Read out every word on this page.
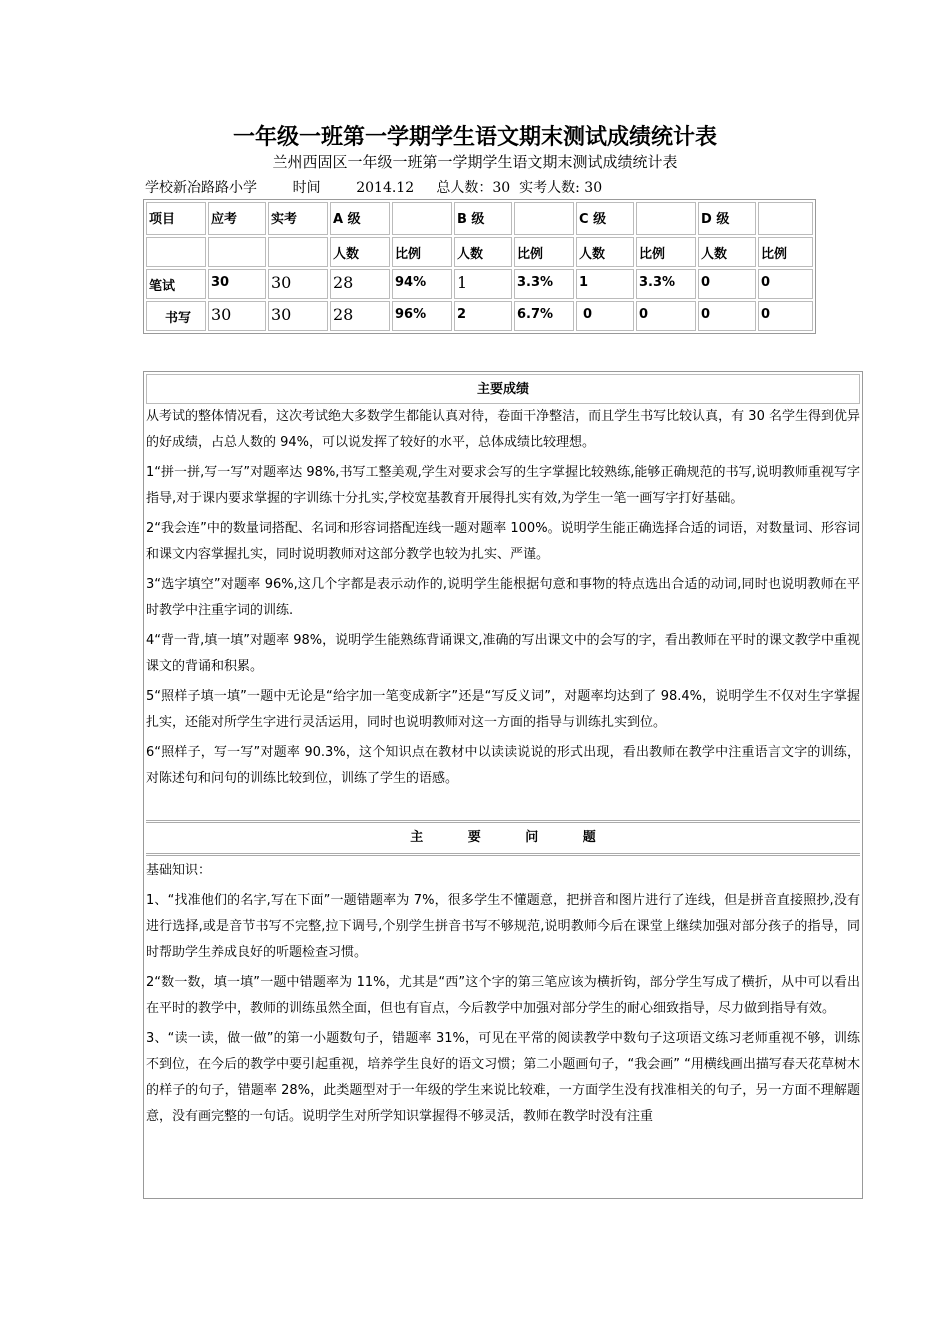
一年级一班第一学期学生语文期末测试成绩统计表
兰州西固区一年级一班第一学期学生语文期末测试成绩统计表
学校新冶路路小学	时间	2014.12 总人数：30 实考人数: 30
项目	应考	实考	A 级		B 级		C 级		D 级	
			人数	比例	人数	比例	人数	比例	人数	比例
笔试	30	30	28	94%	1	3.3%	1	3.3%	0	0
书写	30	30	28	96%	2	6.7%	0	0	0	0
主要成绩

从考试的整体情况看，这次考试绝大多数学生都能认真对待，卷面干净整洁，而且学生书写比较认真，有 30 名学生得到优异的好成绩，占总人数的 94%，可以说发挥了较好的水平，总体成绩比较理想。

1“拼一拼,写一写”对题率达 98%,书写工整美观,学生对要求会写的生字掌握比较熟练,能够正确规范的书写,说明教师重视写字指导,对于课内要求掌握的字训练十分扎实,学校宽基教育开展得扎实有效,为学生一笔一画写字打好基础。

2“我会连”中的数量词搭配、名词和形容词搭配连线一题对题率 100%。说明学生能正确选择合适的词语，对数量词、形容词和课文内容掌握扎实，同时说明教师对这部分教学也较为扎实、严谨。

3“选字填空”对题率 96%,这几个字都是表示动作的,说明学生能根据句意和事物的特点选出合适的动词,同时也说明教师在平时教学中注重字词的训练.

4“背一背,填一填”对题率 98%，说明学生能熟练背诵课文,准确的写出课文中的会写的字，看出教师在平时的课文教学中重视课文的背诵和积累。

5“照样子填一填”一题中无论是“给字加一笔变成新字”还是“写反义词”，对题率均达到了 98.4%，说明学生不仅对生字掌握扎实，还能对所学生字进行灵活运用，同时也说明教师对这一方面的指导与训练扎实到位。

6“照样子，写一写”对题率 90.3%，这个知识点在教材中以读读说说的形式出现，看出教师在教学中注重语言文字的训练，对陈述句和问句的训练比较到位，训练了学生的语感。

主 要 问 题

基础知识：

1、“找准他们的名字,写在下面”一题错题率为 7%，很多学生不懂题意，把拼音和图片进行了连线，但是拼音直接照抄,没有进行选择,或是音节书写不完整,拉下调号,个别学生拼音书写不够规范,说明教师今后在课堂上继续加强对部分孩子的指导，同时帮助学生养成良好的听题检查习惯。

2“数一数，填一填”一题中错题率为 11%，尤其是“西”这个字的第三笔应该为横折钩，部分学生写成了横折，从中可以看出在平时的教学中，教师的训练虽然全面，但也有盲点，今后教学中加强对部分学生的耐心细致指导，尽力做到指导有效。

3、“读一读，做一做”的第一小题数句子，错题率 31%，可见在平常的阅读教学中数句子这项语文练习老师重视不够，训练不到位，在今后的教学中要引起重视，培养学生良好的语文习惯；第二小题画句子，“我会画” “用横线画出描写春天花草树木的样子的句子，错题率 28%，此类题型对于一年级的学生来说比较难，一方面学生没有找准相关的句子，另一方面不理解题意，没有画完整的一句话。说明学生对所学知识掌握得不够灵活，教师在教学时没有注重
